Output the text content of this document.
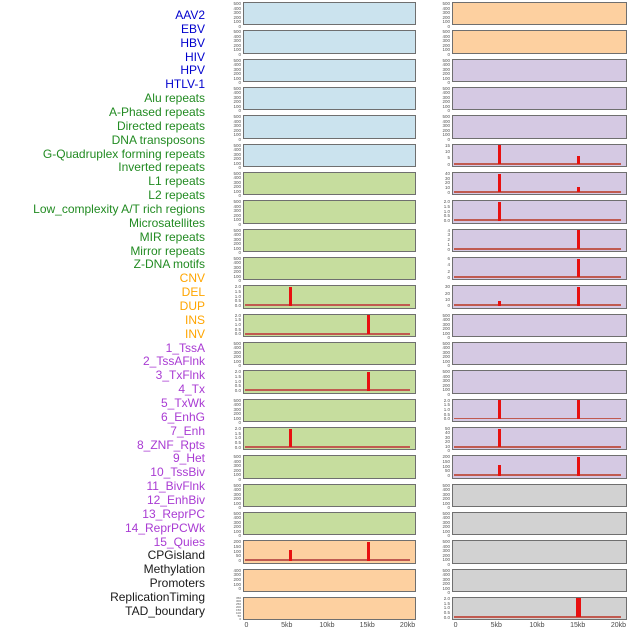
AAV2
EBV
HBV
HIV
HPV
HTLV-1
Alu repeats
A-Phased repeats
Directed repeats
DNA transposons
G-Quadruplex forming repeats
Inverted repeats
L1 repeats
L2 repeats
Low_complexity A/T rich regions
Microsatellites
MIR repeats
Mirror repeats
Z-DNA motifs
CNV
DEL
DUP
INS
INV
1_TssA
2_TssAFlnk
3_TxFlnk
4_Tx
5_TxWk
6_EnhG
7_Enh
8_ZNF_Rpts
9_Het
10_TssBiv
11_BivFlnk
12_EnhBiv
13_ReprPC
14_ReprPCWk
15_Quies
CPGisland
Methylation
Promoters
ReplicationTiming
TAD_boundary
500
400
300
200
100
0
500
400
300
200
100
0
500
400
300
200
100
0
500
400
300
200
100
0
500
400
300
200
100
0
500
400
300
200
100
0
500
400
300
200
100
0
500
400
300
200
100
0
500
400
300
200
100
0
500
400
300
200
100
0
2.0
1.5
1.0
0.5
0.0
2.0
1.5
1.0
0.5
0.0
500
400
300
200
100
0
2.0
1.5
1.0
0.5
0.0
500
400
300
200
100
0
2.0
1.5
1.0
0.5
0.0
500
400
300
200
100
0
500
400
300
200
100
0
500
400
300
200
100
0
200
150
100
50
0
400
300
200
100
0
350
300
250
200
150
100
50
0
500
400
300
200
100
0
500
400
300
200
100
0
500
400
300
200
100
0
500
400
300
200
100
0
500
400
300
200
100
0
15
10
5
0
40
30
20
10
0
2.0
1.5
1.0
0.5
0.0
4
3
2
1
0
6
4
2
0
30
20
10
0
500
400
300
200
100
0
500
400
300
200
100
0
500
400
300
200
100
0
2.0
1.5
1.0
0.5
0.0
50
40
30
20
10
0
200
150
100
50
0
500
400
300
200
100
0
500
400
300
200
100
0
500
400
300
200
100
0
500
400
300
200
100
0
2.0
1.5
1.0
0.5
0.0
0	5kb	10kb	15kb	20kb	0	5kb	10kb	15kb	20kb
